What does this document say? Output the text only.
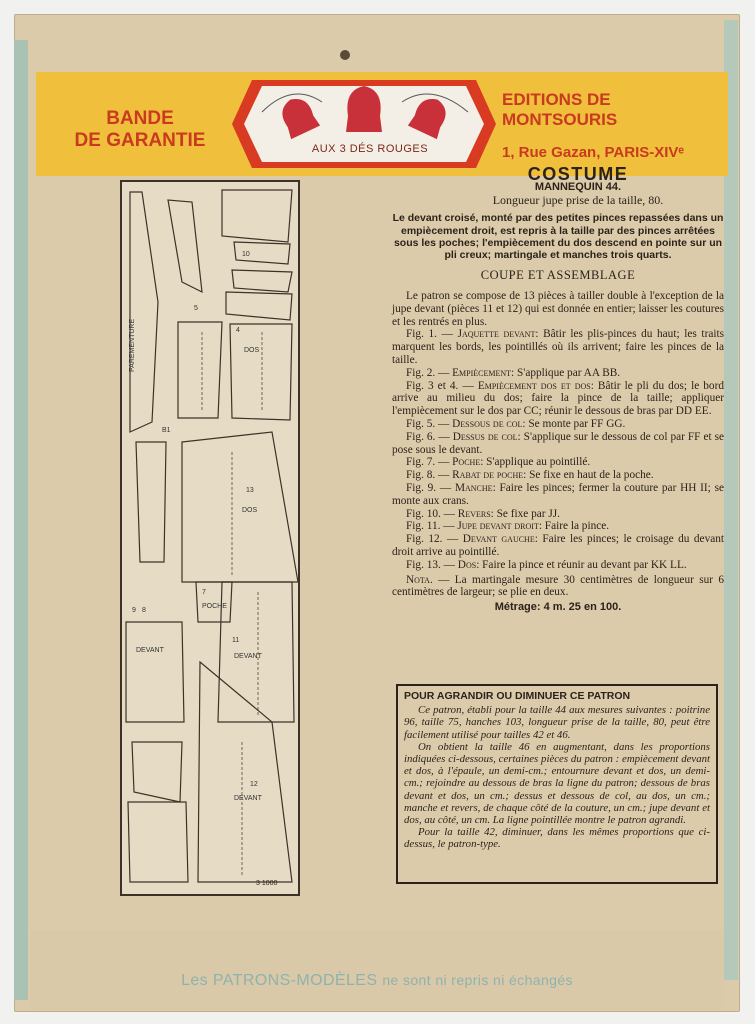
BANDE
DE GARANTIE	AUX 3 DÉS ROUGES
EDITIONS DE MONTSOURIS
1, Rue Gazan, PARIS-XIVᵉ
PAREMENTURE	DOS
13
DOS
11
DEVANT
DEVANT
12
DEVANT
POCHE
B1
10
4
7
9 8
5
3 1000
COSTUME
MANNEQUIN 44.
Longueur jupe prise de la taille, 80.
Le devant croisé, monté par des petites pinces repassées dans un empiècement droit, est repris à la taille par des pinces arrêtées sous les poches; l'empiècement du dos descend en pointe sur un pli creux; martingale et manches trois quarts.
COUPE ET ASSEMBLAGE
Le patron se compose de 13 pièces à tailler double à l'exception de la jupe devant (pièces 11 et 12) qui est donnée en entier; laisser les coutures et les rentrés en plus.
Fig. 1. — Jaquette devant: Bâtir les plis-pinces du haut; les traits marquent les bords, les pointillés où ils arrivent; faire les pinces de la taille.
Fig. 2. — Empiècement: S'applique par AA BB.
Fig. 3 et 4. — Empiècement dos et dos: Bâtir le pli du dos; le bord arrive au milieu du dos; faire la pince de la taille; appliquer l'empiècement sur le dos par CC; réunir le dessous de bras par DD EE.
Fig. 5. — Dessous de col: Se monte par FF GG.
Fig. 6. — Dessus de col: S'applique sur le dessous de col par FF et se pose sous le devant.
Fig. 7. — Poche: S'applique au pointillé.
Fig. 8. — Rabat de poche: Se fixe en haut de la poche.
Fig. 9. — Manche: Faire les pinces; fermer la couture par HH II; se monte aux crans.
Fig. 10. — Revers: Se fixe par JJ.
Fig. 11. — Jupe devant droit: Faire la pince.
Fig. 12. — Devant gauche: Faire les pinces; le croisage du devant droit arrive au pointillé.
Fig. 13. — Dos: Faire la pince et réunir au devant par KK LL.
Nota. — La martingale mesure 30 centimètres de longueur sur 6 centimètres de largeur; se plie en deux.
Métrage: 4 m. 25 en 100.
POUR AGRANDIR OU DIMINUER CE PATRON
Ce patron, établi pour la taille 44 aux mesures suivantes : poitrine 96, taille 75, hanches 103, longueur prise de la taille, 80, peut être facilement utilisé pour tailles 42 et 46.
On obtient la taille 46 en augmentant, dans les proportions indiquées ci-dessous, certaines pièces du patron : empiècement devant et dos, à l'épaule, un demi-cm.; entournure devant et dos, un demi-cm.; rejoindre au dessous de bras la ligne du patron; dessous de bras devant et dos, un cm.; dessus et dessous de col, au dos, un cm.; manche et revers, de chaque côté de la couture, un cm.; jupe devant et dos, au côté, un cm. La ligne pointillée montre le patron agrandi.
Pour la taille 42, diminuer, dans les mêmes proportions que ci-dessus, le patron-type.
Les PATRONS-MODÈLES ne sont ni repris ni échangés
